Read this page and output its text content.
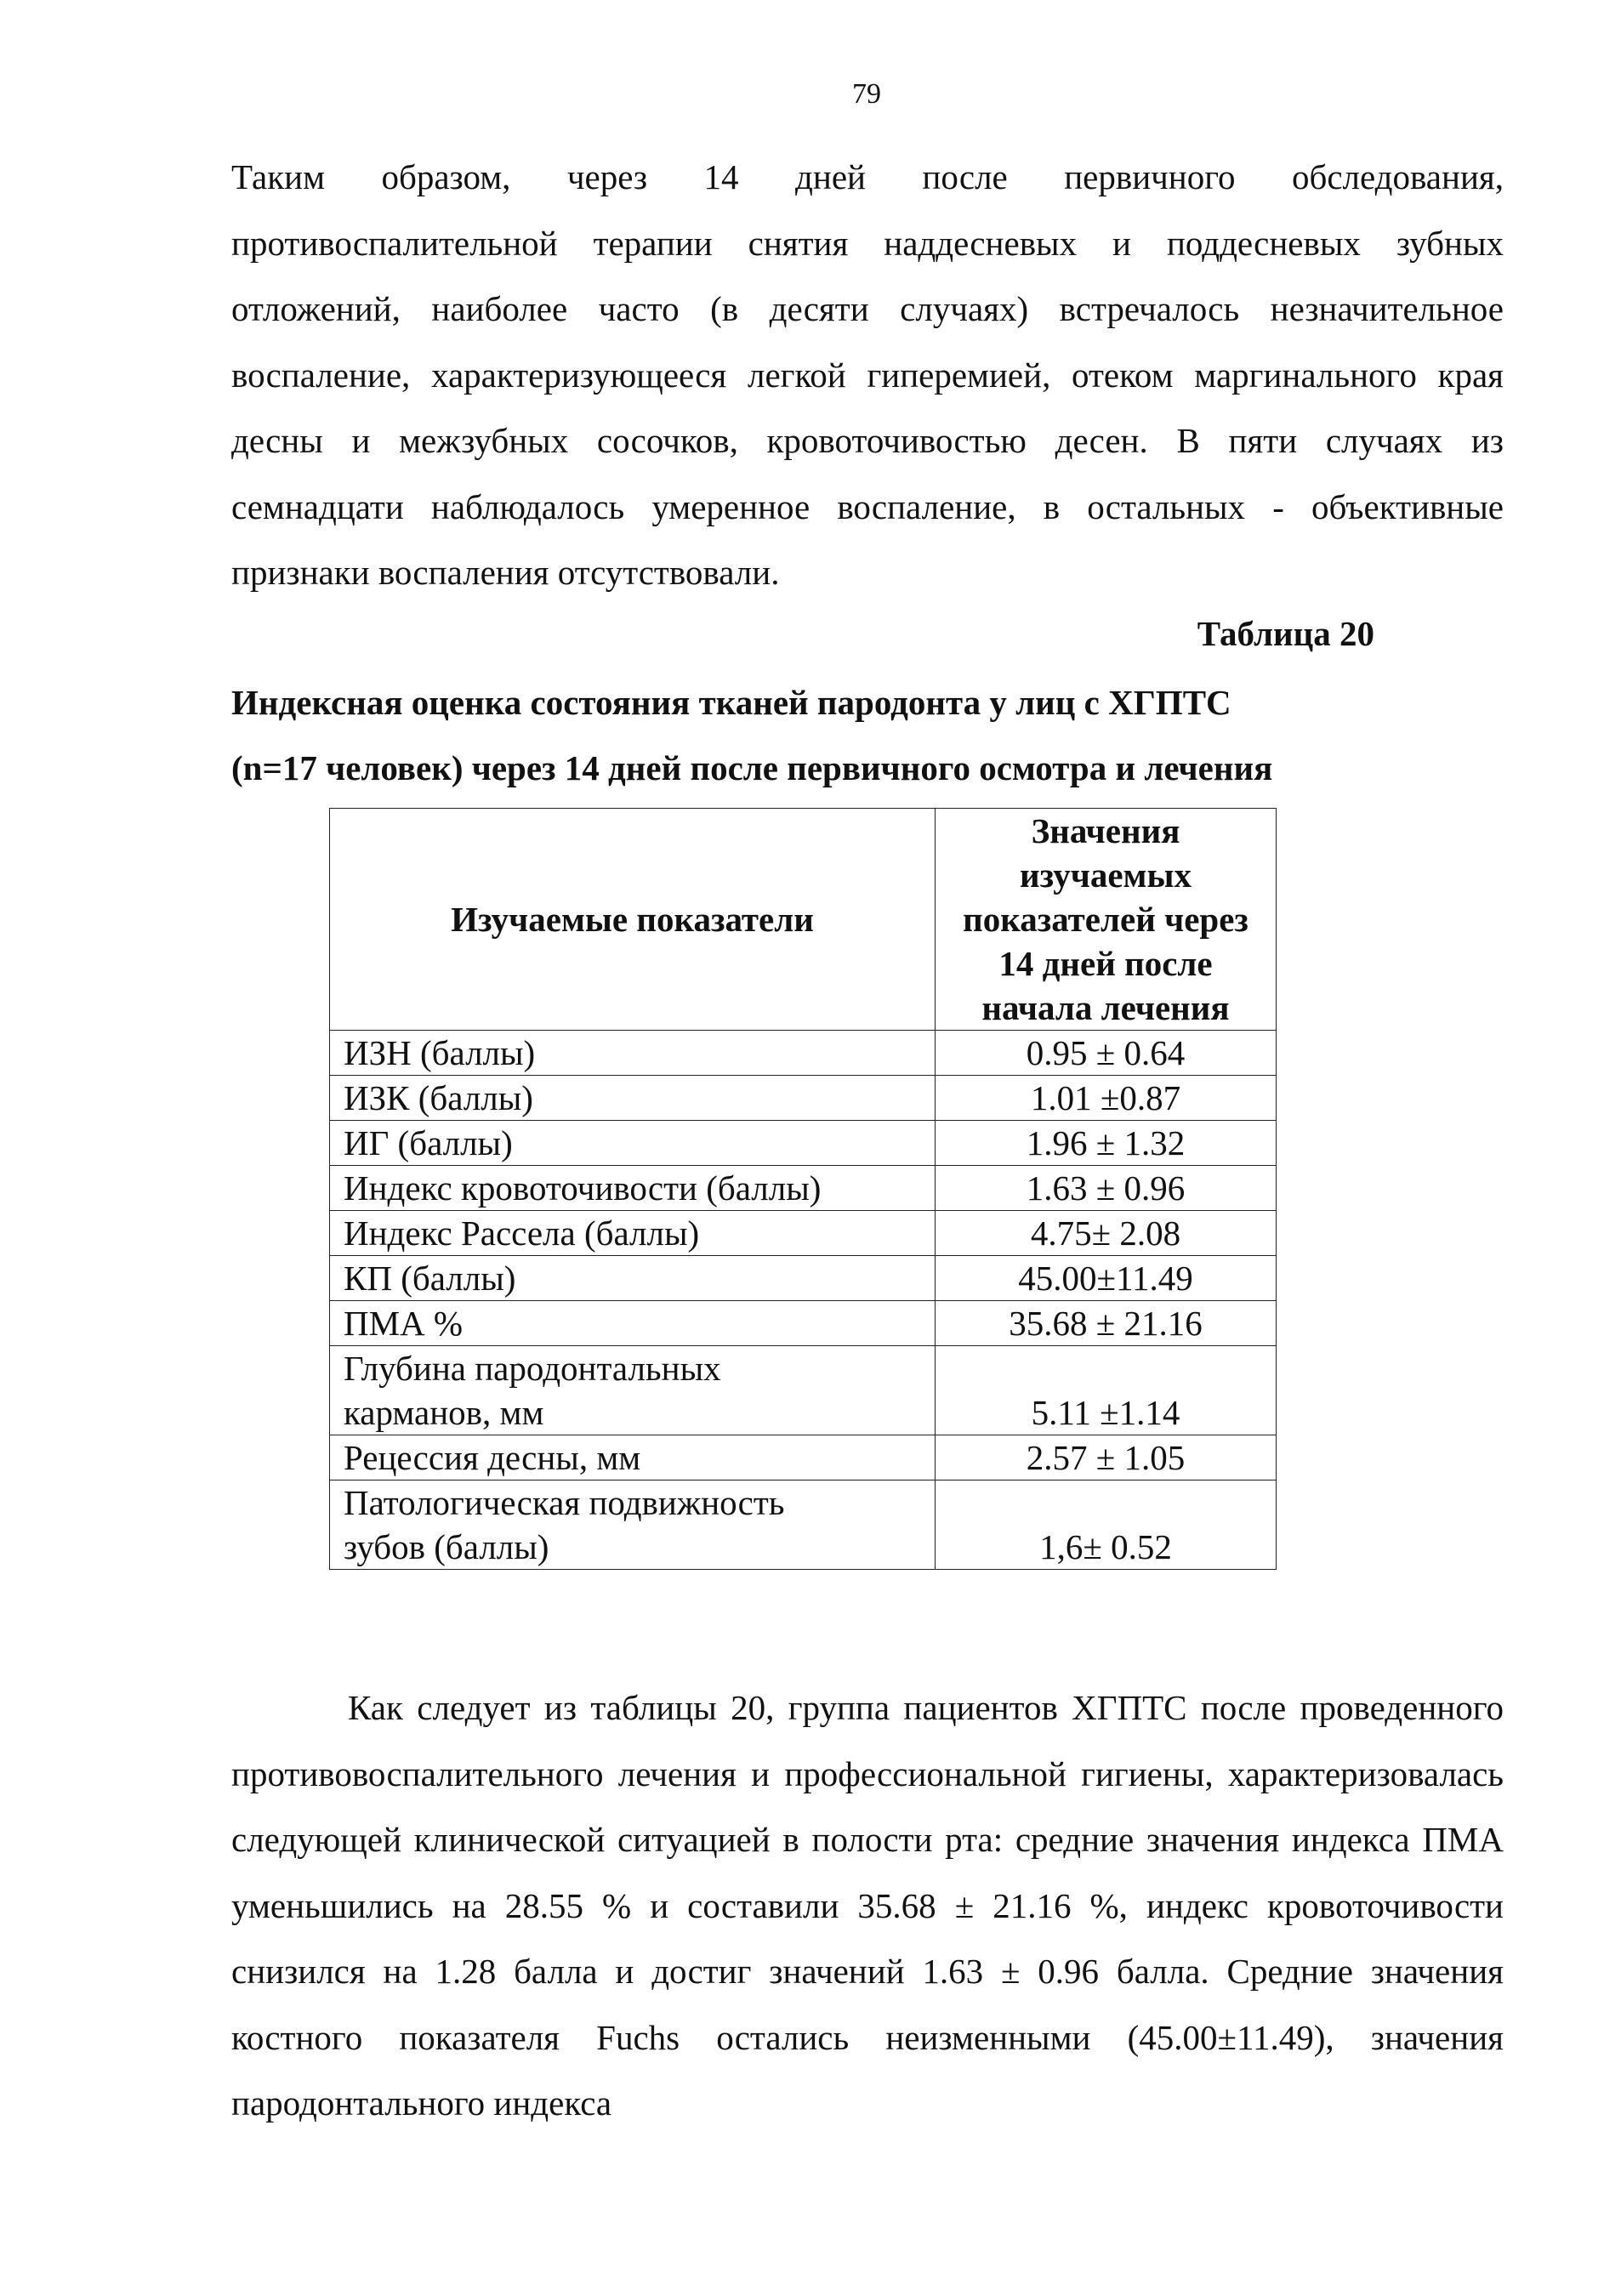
79

Таким образом, через 14 дней после первичного обследования, противоспалительной терапии снятия наддесневых и поддесневых зубных отложений, наиболее часто (в десяти случаях) встречалось незначительное воспаление, характеризующееся легкой гиперемией, отеком маргинального края десны и межзубных сосочков, кровоточивостью десен. В пяти случаях из семнадцати наблюдалось умеренное воспаление, в остальных - объективные признаки воспаления отсутствовали.

Таблица 20

Индексная оценка состояния тканей пародонта у лиц с ХГПТС
(n=17 человек) через 14 дней после первичного осмотра и лечения
Изучаемые показатели	Значения изучаемых показателей через 14 дней после начала лечения
ИЗН (баллы)	0.95 ± 0.64
ИЗК (баллы)	1.01 ±0.87
ИГ (баллы)	1.96 ± 1.32
Индекс кровоточивости (баллы)	1.63 ± 0.96
Индекс Рассела (баллы)	4.75± 2.08
КП (баллы)	45.00±11.49
ПМА %	35.68 ± 21.16
Глубина пародонтальных карманов, мм	5.11 ±1.14
Рецессия десны, мм	2.57 ± 1.05
Патологическая подвижность зубов (баллы)	1,6± 0.52

Как следует из таблицы 20, группа пациентов ХГПТС после проведенного противовоспалительного лечения и профессиональной гигиены, характеризовалась следующей клинической ситуацией в полости рта: средние значения индекса ПМА уменьшились на 28.55 % и составили 35.68 ± 21.16 %, индекс кровоточивости снизился на 1.28 балла и достиг значений 1.63 ± 0.96 балла. Средние значения костного показателя Fuchs остались неизменными (45.00±11.49), значения пародонтального индекса
